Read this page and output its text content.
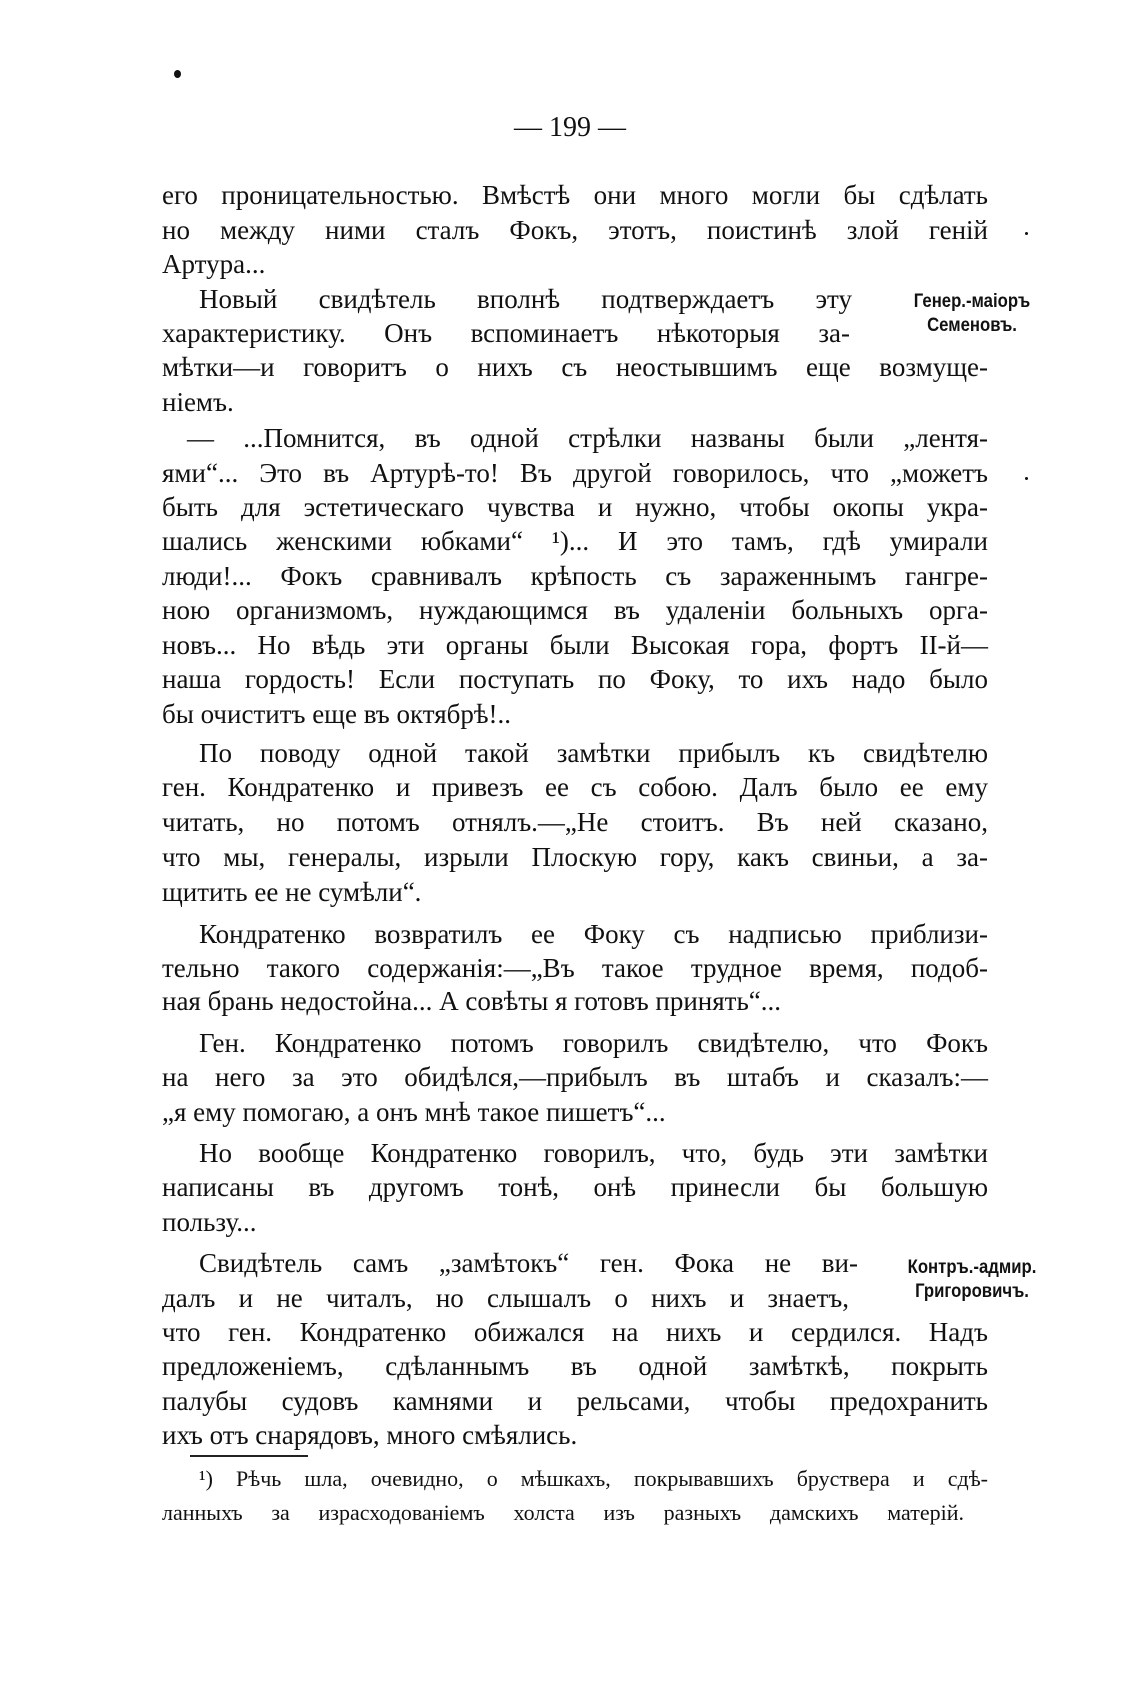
— 199 —
Генер.-маiоръ
Семеновъ.
Контръ.-адмир.
Григоровичъ.
его проницательностью. Вмѣстѣ они много могли бы сдѣлать
но между ними сталъ Фокъ, этотъ, поистинѣ злой генiй
Артура...
Новый свидѣтель вполнѣ подтверждаетъ эту
характеристику. Онъ вспоминаетъ нѣкоторыя за-
мѣтки—и говоритъ о нихъ съ неостывшимъ еще возмуще-
нiемъ.
— ...Помнится, въ одной стрѣлки названы были „лентя-
ями“... Это въ Артурѣ-то! Въ другой говорилось, что „можетъ
быть для эстетическаго чувства и нужно, чтобы окопы укра-
шались женскими юбками“ ¹)... И это тамъ, гдѣ умирали
люди!... Фокъ сравнивалъ крѣпость съ зараженнымъ гангре-
ною организмомъ, нуждающимся въ удаленiи больныхъ орга-
новъ... Но вѣдь эти органы были Высокая гора, фортъ II-й—
наша гордость! Если поступать по Фоку, то ихъ надо было
бы очиститъ еще въ октябрѣ!..
По поводу одной такой замѣтки прибылъ къ свидѣтелю
ген. Кондратенко и привезъ ее съ собою. Далъ было ее ему
читать, но потомъ отнялъ.—„Не стоитъ. Въ ней сказано,
что мы, генералы, изрыли Плоскую гору, какъ свиньи, а за-
щитить ее не сумѣли“.
Кондратенко возвратилъ ее Фоку съ надписью приблизи-
тельно такого содержанiя:—„Въ такое трудное время, подоб-
ная брань недостойна... А совѣты я готовъ принять“...
Ген. Кондратенко потомъ говорилъ свидѣтелю, что Фокъ
на него за это обидѣлся,—прибылъ въ штабъ и сказалъ:—
„я ему помогаю, а онъ мнѣ такое пишетъ“...
Но вообще Кондратенко говорилъ, что, будь эти замѣтки
написаны въ другомъ тонѣ, онѣ принесли бы большую
пользу...
Свидѣтель самъ „замѣтокъ“ ген. Фока не ви-
далъ и не читалъ, но слышалъ о нихъ и знаетъ,
что ген. Кондратенко обижался на нихъ и сердился. Надъ
предложенiемъ, сдѣланнымъ въ одной замѣткѣ, покрыть
палубы судовъ камнями и рельсами, чтобы предохранить
ихъ отъ снарядовъ, много смѣялись.
¹) Рѣчь шла, очевидно, о мѣшкахъ, покрывавшихъ брустверa и сдѣ-
ланныхъ за израсходованiемъ холста изъ разныхъ дамскихъ матерiй.
